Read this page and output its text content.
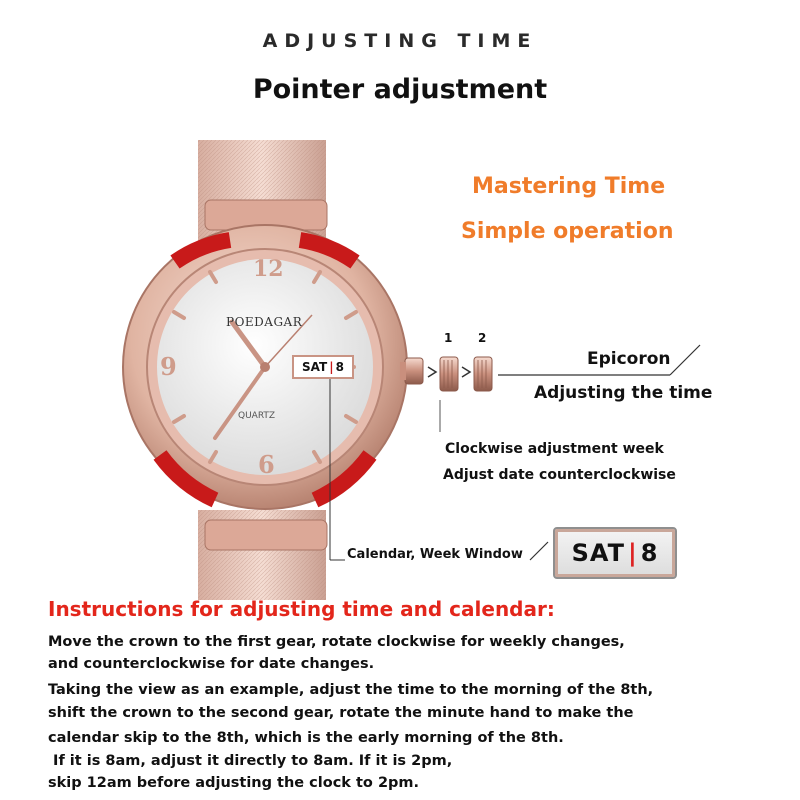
ADJUSTING TIME
Pointer adjustment
Mastering Time
Simple operation
12
9
6
POEDAGAR
QUARTZ
SAT | 8
1 2
Epicoron
Adjusting the time
Clockwise adjustment week
Adjust date counterclockwise
Calendar, Week Window SAT | 8
Instructions for adjusting time and calendar:
Move the crown to the first gear, rotate clockwise for weekly changes,
and counterclockwise for date changes.
Taking the view as an example, adjust the time to the morning of the 8th,
shift the crown to the second gear, rotate the minute hand to make the
calendar skip to the 8th, which is the early morning of the 8th.
If it is 8am, adjust it directly to 8am. If it is 2pm,
skip 12am before adjusting the clock to 2pm.
